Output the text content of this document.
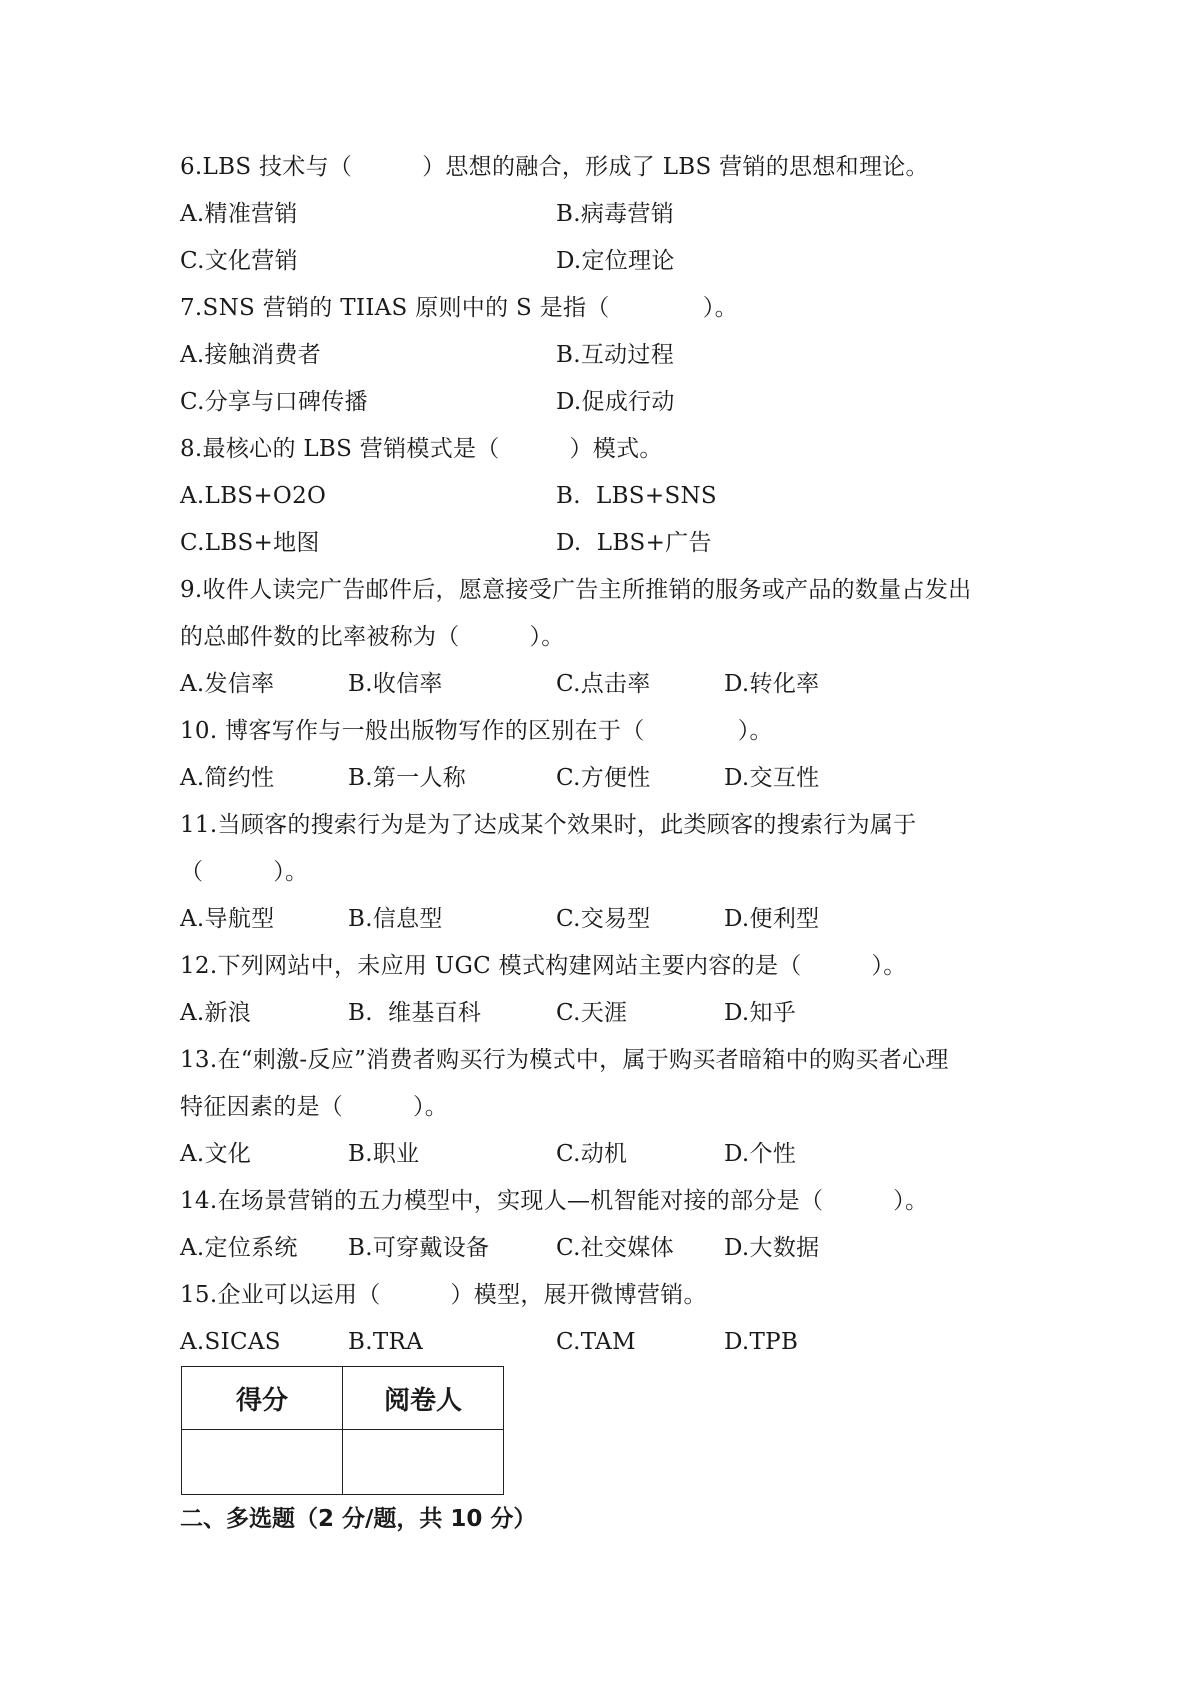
6.LBS 技术与（　　　）思想的融合，形成了 LBS 营销的思想和理论。
A.精准营销	B.病毒营销
C.文化营销	D.定位理论
7.SNS 营销的 TIIAS 原则中的 S 是指（　　　　）。
A.接触消费者	B.互动过程
C.分享与口碑传播	D.促成行动
8.最核心的 LBS 营销模式是（　　　）模式。
A.LBS+O2O	B.  LBS+SNS
C.LBS+地图	D.  LBS+广告
9.收件人读完广告邮件后，愿意接受广告主所推销的服务或产品的数量占发出
的总邮件数的比率被称为（　　　）。
A.发信率	B.收信率	C.点击率	D.转化率
10. 博客写作与一般出版物写作的区别在于（　　　　）。
A.简约性	B.第一人称	C.方便性	D.交互性
11.当顾客的搜索行为是为了达成某个效果时，此类顾客的搜索行为属于
（　　　）。
A.导航型	B.信息型	C.交易型	D.便利型
12.下列网站中，未应用 UGC 模式构建网站主要内容的是（　　　）。
A.新浪	B.  维基百科	C.天涯	D.知乎
13.在“刺激-反应”消费者购买行为模式中，属于购买者暗箱中的购买者心理
特征因素的是（　　　）。
A.文化	B.职业	C.动机	D.个性
14.在场景营销的五力模型中，实现人—机智能对接的部分是（　　　）。
A.定位系统 B.可穿戴设备	C.社交媒体 D.大数据
15.企业可以运用（　　　）模型，展开微博营销。
A.SICAS	B.TRA	C.TAM	D.TPB
得分	阅卷人

二、多选题（2 分/题，共 10 分）
